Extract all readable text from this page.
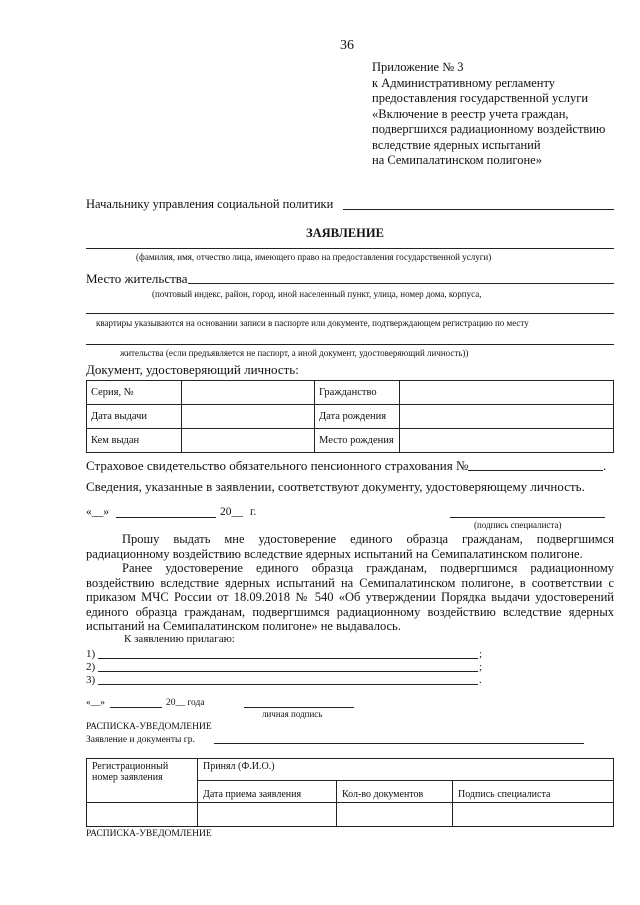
36
Приложение № 3
к Административному регламенту
предоставления государственной услуги
«Включение в реестр учета граждан,
подвергшихся радиационному воздействию
вследствие ядерных испытаний
на Семипалатинском полигоне»
Начальнику управления социальной политики
ЗАЯВЛЕНИЕ
(фамилия, имя, отчество лица, имеющего право на предоставления государственной услуги)
Место жительства
(почтовый индекс, район, город, иной населенный пункт, улица, номер дома, корпуса,
квартиры указываются на основании записи в паспорте или документе, подтверждающем регистрацию по месту
жительства (если предъявляется не паспорт, а иной документ, удостоверяющий личность))
Документ, удостоверяющий личность:
Серия, №		Гражданство	
Дата выдачи		Дата рождения	
Кем выдан		Место рождения	
Страховое свидетельство обязательного пенсионного страхования №	.
Сведения, указанные в заявлении, соответствуют документу, удостоверяющему личность.
«__»	20__ г.
(подпись специалиста)
Прошу выдать мне удостоверение единого образца гражданам, подвергшимся радиационному воздействию вследствие ядерных испытаний на Семипалатинском полигоне.
Ранее удостоверение единого образца гражданам, подвергшимся радиационному воздействию вследствие ядерных испытаний на Семипалатинском полигоне, в соответствии с приказом МЧС России от 18.09.2018 № 540 «Об утверждении Порядка выдачи удостоверений единого образца гражданам, подвергшимся радиационному воздействию вследствие ядерных испытаний на Семипалатинском полигоне» не выдавалось.
К заявлению прилагаю:
1)	;
2)	;
3)	.
«__»	20__ года
личная подпись
РАСПИСКА-УВЕДОМЛЕНИЕ
Заявление и документы гр.
Регистрационный номер заявления	Принял (Ф.И.О.)		
	Дата приема заявления	Кол-во документов	Подпись специалиста

РАСПИСКА-УВЕДОМЛЕНИЕ
